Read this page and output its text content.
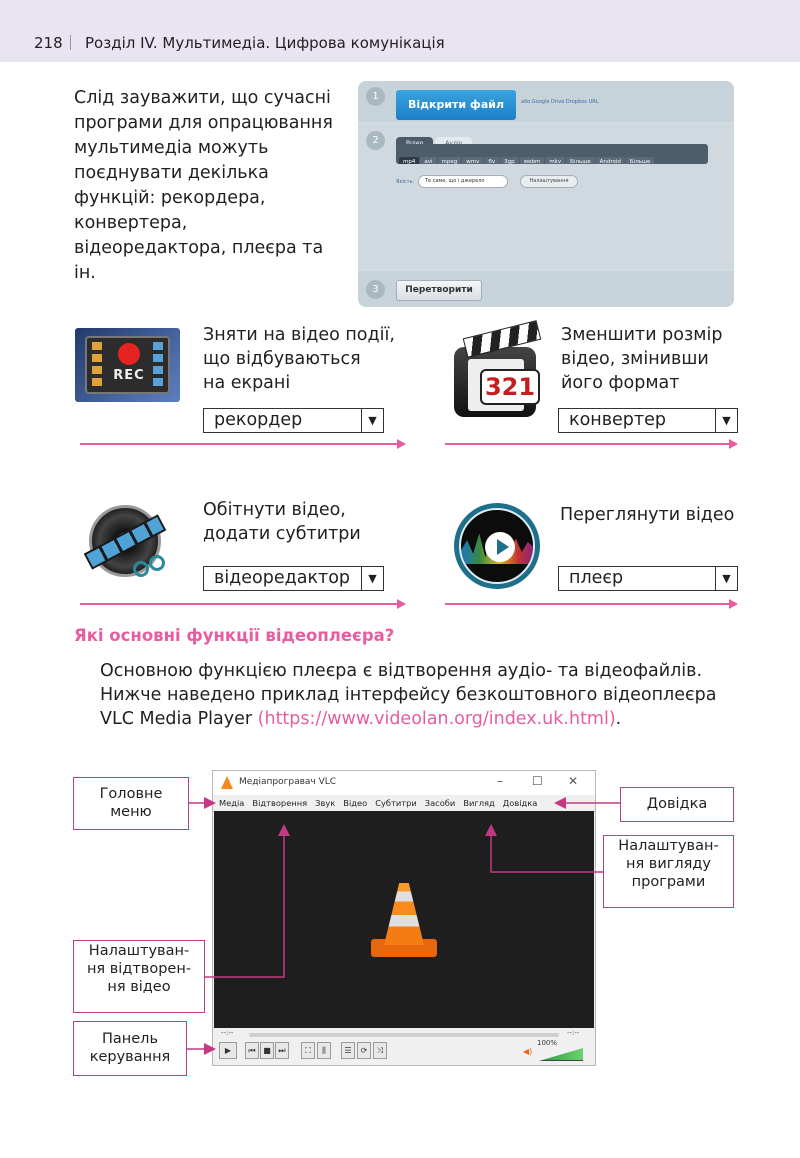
218 Розділ IV. Мультимедіа. Цифрова комунікація
Слід зауважити, що сучасні програми для опрацювання мультимедіа можуть поєднувати декілька функцій: рекордера, конвертера, відеоредактора, плеєра та ін.
1
2
3
Відкрити файл	або Google Drive Dropbox URL
mp4 avi mpeg wmv flv 3gp webm mkv Більше Android Більше
Якість:	Те саме, що і джерело	Налаштування
Перетворити
REC
Зняти на відео події,
що відбуваються
на екрані
рекордер	▼
321
Зменшити розмір
відео, змінивши
його формат
конвертер	▼
Обітнути відео,
додати субтитри
відеоредактор	▼
Переглянути відео
плеєр	▼
Які основні функції відеоплеєра?
Основною функцією плеєра є відтворення аудіо- та відеофайлів.
Нижче наведено приклад інтерфейсу безкоштовного відеоплеєра
VLC Media Player (https://www.videolan.org/index.uk.html).
Медіапрогравач VLC	– ☐ ✕
Медіа Відтворення Звук Відео Субтитри Засоби Вигляд Довідка
--:--	--:--
▶	⏮ ■ ⏭	⛶	⫼	☰	⟳	⤨	◀)
100%
Головне
меню	Довідка
Налаштуван-
ня вигляду
програми
Налаштуван-
ня відтворен-
ня відео
Панель
керування
